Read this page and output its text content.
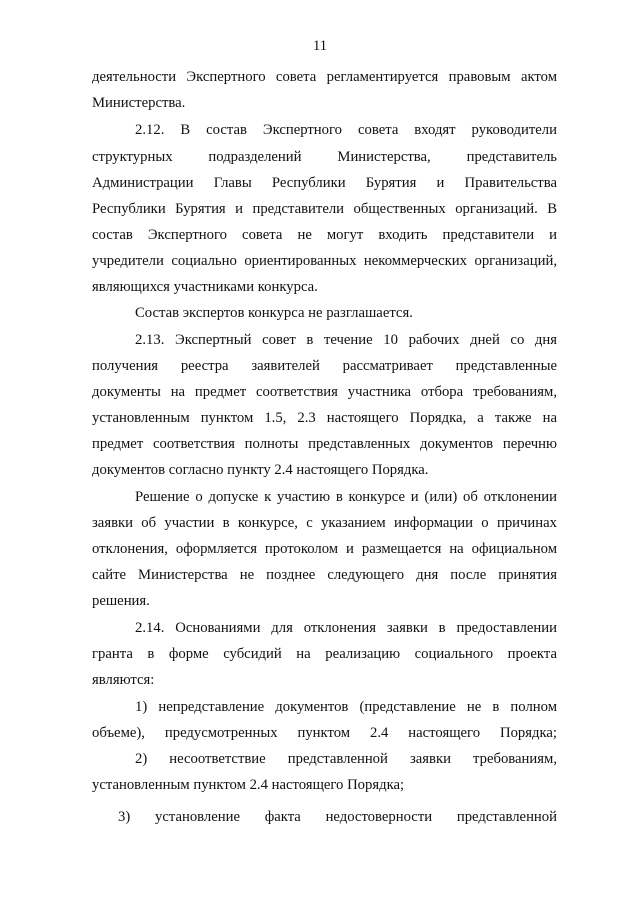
11
деятельности Экспертного совета регламентируется правовым актом
Министерства.
2.12. В состав Экспертного совета входят руководители
структурных подразделений Министерства, представитель
Администрации Главы Республики Бурятия и Правительства
Республики Бурятия и представители общественных организаций. В
состав Экспертного совета не могут входить представители и
учредители социально ориентированных некоммерческих организаций,
являющихся участниками конкурса.
Состав экспертов конкурса не разглашается.
2.13. Экспертный совет в течение 10 рабочих дней со дня
получения реестра заявителей рассматривает представленные
документы на предмет соответствия участника отбора требованиям,
установленным пунктом 1.5, 2.3 настоящего Порядка, а также на
предмет соответствия полноты представленных документов перечню
документов согласно пункту 2.4 настоящего Порядка.
Решение о допуске к участию в конкурсе и (или) об отклонении
заявки об участии в конкурсе, с указанием информации о причинах
отклонения, оформляется протоколом и размещается на официальном
сайте Министерства не позднее следующего дня после принятия
решения.
2.14. Основаниями для отклонения заявки в предоставлении
гранта в форме субсидий на реализацию социального проекта
являются:
1) непредставление документов (представление не в полном
объеме), предусмотренных пунктом 2.4 настоящего Порядка;
2) несоответствие представленной заявки требованиям,
установленным пунктом 2.4 настоящего Порядка;
3) установление факта недостоверности представленной
